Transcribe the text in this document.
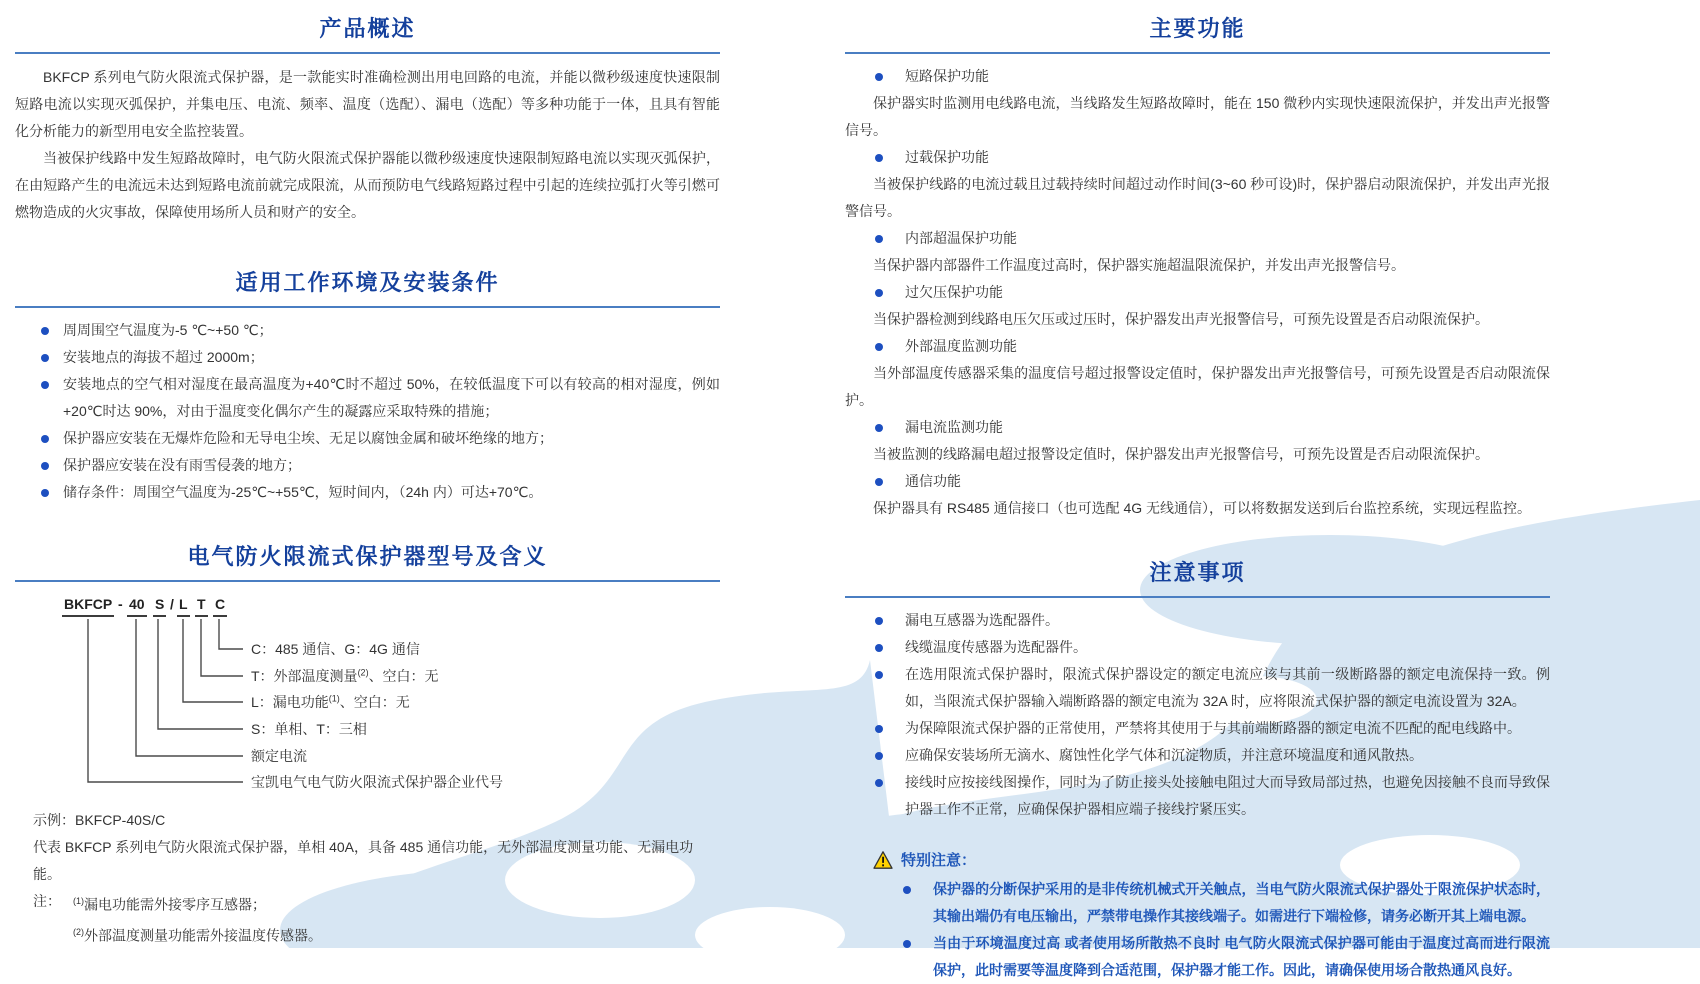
产品概述

BKFCP 系列电气防火限流式保护器，是一款能实时准确检测出用电回路的电流，并能以微秒级速度快速限制短路电流以实现灭弧保护，并集电压、电流、频率、温度（选配）、漏电（选配）等多种功能于一体，且具有智能化分析能力的新型用电安全监控装置。

当被保护线路中发生短路故障时，电气防火限流式保护器能以微秒级速度快速限制短路电流以实现灭弧保护，在由短路产生的电流远未达到短路电流前就完成限流，从而预防电气线路短路过程中引起的连续拉弧打火等引燃可燃物造成的火灾事故，保障使用场所人员和财产的安全。

适用工作环境及安装条件
周周围空气温度为-5 ℃~+50 ℃；
安装地点的海拔不超过 2000m；
安装地点的空气相对湿度在最高温度为+40℃时不超过 50%，在较低温度下可以有较高的相对湿度，例如+20℃时达 90%，对由于温度变化偶尔产生的凝露应采取特殊的措施；
保护器应安装在无爆炸危险和无导电尘埃、无足以腐蚀金属和破坏绝缘的地方；
保护器应安装在没有雨雪侵袭的地方；
储存条件：周围空气温度为-25℃~+55℃，短时间内，（24h 内）可达+70℃。
电气防火限流式保护器型号及含义
BKFCP - 40 S / L T C
C：485 通信、G：4G 通信
T：外部温度测量$^{(2)}$、空白：无
L：漏电功能$^{(1)}$、空白：无
S：单相、T：三相
额定电流
宝凯电气电气防火限流式保护器企业代号

示例：BKFCP-40S/C

代表 BKFCP 系列电气防火限流式保护器，单相 40A，具备 485 通信功能，无外部温度测量功能、无漏电功能。

注：	$^{(1)}$漏电功能需外接零序互感器；
$^{(2)}$外部温度测量功能需外接温度传感器。
主要功能
短路保护功能

保护器实时监测用电线路电流，当线路发生短路故障时，能在 150 微秒内实现快速限流保护，并发出声光报警信号。

过载保护功能

当被保护线路的电流过载且过载持续时间超过动作时间(3~60 秒可设)时，保护器启动限流保护，并发出声光报警信号。

内部超温保护功能

当保护器内部器件工作温度过高时，保护器实施超温限流保护，并发出声光报警信号。

过欠压保护功能

当保护器检测到线路电压欠压或过压时，保护器发出声光报警信号，可预先设置是否启动限流保护。

外部温度监测功能

当外部温度传感器采集的温度信号超过报警设定值时，保护器发出声光报警信号，可预先设置是否启动限流保护。

漏电流监测功能

当被监测的线路漏电超过报警设定值时，保护器发出声光报警信号，可预先设置是否启动限流保护。

通信功能

保护器具有 RS485 通信接口（也可选配 4G 无线通信），可以将数据发送到后台监控系统，实现远程监控。

注意事项
漏电互感器为选配器件。
线缆温度传感器为选配器件。
在选用限流式保护器时，限流式保护器设定的额定电流应该与其前一级断路器的额定电流保持一致。例如，当限流式保护器输入端断路器的额定电流为 32A 时，应将限流式保护器的额定电流设置为 32A。
为保障限流式保护器的正常使用，严禁将其使用于与其前端断路器的额定电流不匹配的配电线路中。
应确保安装场所无滴水、腐蚀性化学气体和沉淀物质，并注意环境温度和通风散热。
接线时应按接线图操作，同时为了防止接头处接触电阻过大而导致局部过热，也避免因接触不良而导致保护器工作不正常，应确保保护器相应端子接线拧紧压实。
特别注意：
保护器的分断保护采用的是非传统机械式开关触点，当电气防火限流式保护器处于限流保护状态时，其输出端仍有电压输出，严禁带电操作其接线端子。如需进行下端检修，请务必断开其上端电源。
当由于环境温度过高 或者使用场所散热不良时 电气防火限流式保护器可能由于温度过高而进行限流保护，此时需要等温度降到合适范围，保护器才能工作。因此，请确保使用场合散热通风良好。
